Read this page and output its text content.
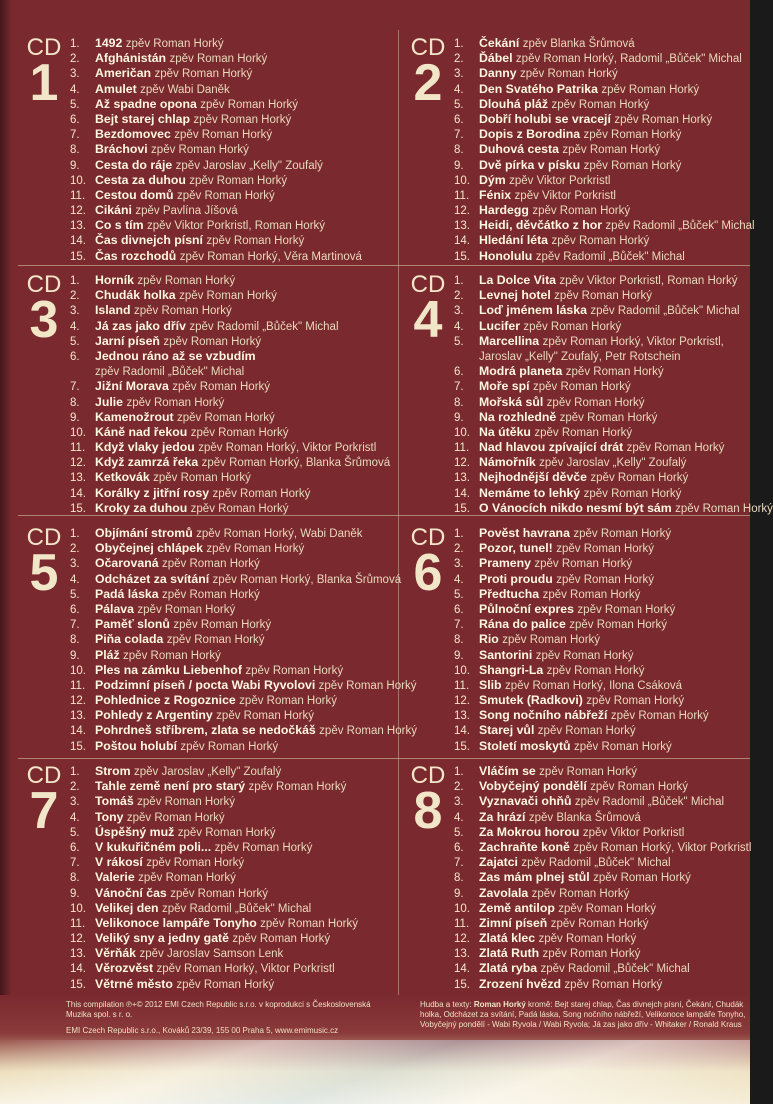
CD
1
1. 1492 zpěv Roman Horký
2. Afghánistán zpěv Roman Horký
3. Američan zpěv Roman Horký
4. Amulet zpěv Wabi Daněk
5. Až spadne opona zpěv Roman Horký
6. Bejt starej chlap zpěv Roman Horký
7. Bezdomovec zpěv Roman Horký
8. Bráchovi zpěv Roman Horký
9. Cesta do ráje zpěv Jaroslav „Kelly" Zoufalý
10. Cesta za duhou zpěv Roman Horký
11. Cestou domů zpěv Roman Horký
12. Cikáni zpěv Pavlína Jíšová
13. Co s tím zpěv Viktor Porkristl, Roman Horký
14. Čas divnejch písní zpěv Roman Horký
15. Čas rozchodů zpěv Roman Horký, Věra Martinová
CD
2
1. Čekání zpěv Blanka Šrůmová
2. Ďábel zpěv Roman Horký, Radomil „Bůček" Michal
3. Danny zpěv Roman Horký
4. Den Svatého Patrika zpěv Roman Horký
5. Dlouhá pláž zpěv Roman Horký
6. Dobří holubi se vracejí zpěv Roman Horký
7. Dopis z Borodina zpěv Roman Horký
8. Duhová cesta zpěv Roman Horký
9. Dvě pírka v písku zpěv Roman Horký
10. Dým zpěv Viktor Porkristl
11. Fénix zpěv Viktor Porkristl
12. Hardegg zpěv Roman Horký
13. Heidi, děvčátko z hor zpěv Radomil „Bůček" Michal
14. Hledání léta zpěv Roman Horký
15. Honolulu zpěv Radomil „Bůček" Michal
CD
3
1. Horník zpěv Roman Horký
2. Chudák holka zpěv Roman Horký
3. Island zpěv Roman Horký
4. Já zas jako dřív zpěv Radomil „Bůček" Michal
5. Jarní píseň zpěv Roman Horký
6. Jednou ráno až se vzbudím
zpěv Radomil „Bůček" Michal
7. Jižní Morava zpěv Roman Horký
8. Julie zpěv Roman Horký
9. Kamenožrout zpěv Roman Horký
10. Káně nad řekou zpěv Roman Horký
11. Když vlaky jedou zpěv Roman Horký, Viktor Porkristl
12. Když zamrzá řeka zpěv Roman Horký, Blanka Šrůmová
13. Ketkovák zpěv Roman Horký
14. Korálky z jitřní rosy zpěv Roman Horký
15. Kroky za duhou zpěv Roman Horký
CD
4
1. La Dolce Vita zpěv Viktor Porkristl, Roman Horký
2. Levnej hotel zpěv Roman Horký
3. Loď jménem láska zpěv Radomil „Bůček" Michal
4. Lucifer zpěv Roman Horký
5. Marcellina zpěv Roman Horký, Viktor Porkristl,
Jaroslav „Kelly" Zoufalý, Petr Rotschein
6. Modrá planeta zpěv Roman Horký
7. Moře spí zpěv Roman Horký
8. Mořská sůl zpěv Roman Horký
9. Na rozhledně zpěv Roman Horký
10. Na útěku zpěv Roman Horký
11. Nad hlavou zpívající drát zpěv Roman Horký
12. Námořník zpěv Jaroslav „Kelly" Zoufalý
13. Nejhodnější děvče zpěv Roman Horký
14. Nemáme to lehký zpěv Roman Horký
15. O Vánocích nikdo nesmí být sám zpěv Roman Horký
CD
5
1. Objímání stromů zpěv Roman Horký, Wabi Daněk
2. Obyčejnej chlápek zpěv Roman Horký
3. Očarovaná zpěv Roman Horký
4. Odcházet za svítání zpěv Roman Horký, Blanka Šrůmová
5. Padá láska zpěv Roman Horký
6. Pálava zpěv Roman Horký
7. Paměť slonů zpěv Roman Horký
8. Piňa colada zpěv Roman Horký
9. Pláž zpěv Roman Horký
10. Ples na zámku Liebenhof zpěv Roman Horký
11. Podzimní píseň / pocta Wabi Ryvolovi zpěv Roman Horký
12. Pohlednice z Rogoznice zpěv Roman Horký
13. Pohledy z Argentiny zpěv Roman Horký
14. Pohrdneš stříbrem, zlata se nedočkáš zpěv Roman Horký
15. Poštou holubí zpěv Roman Horký
CD
6
1. Pověst havrana zpěv Roman Horký
2. Pozor, tunel! zpěv Roman Horký
3. Prameny zpěv Roman Horký
4. Proti proudu zpěv Roman Horký
5. Předtucha zpěv Roman Horký
6. Půlnoční expres zpěv Roman Horký
7. Rána do palice zpěv Roman Horký
8. Rio zpěv Roman Horký
9. Santorini zpěv Roman Horký
10. Shangri-La zpěv Roman Horký
11. Slib zpěv Roman Horký, Ilona Csáková
12. Smutek (Radkovi) zpěv Roman Horký
13. Song nočního nábřeží zpěv Roman Horký
14. Starej vůl zpěv Roman Horký
15. Století moskytů zpěv Roman Horký
CD
7
1. Strom zpěv Jaroslav „Kelly" Zoufalý
2. Tahle země není pro starý zpěv Roman Horký
3. Tomáš zpěv Roman Horký
4. Tony zpěv Roman Horký
5. Úspěšný muž zpěv Roman Horký
6. V kukuřičném poli... zpěv Roman Horký
7. V rákosí zpěv Roman Horký
8. Valerie zpěv Roman Horký
9. Vánoční čas zpěv Roman Horký
10. Velikej den zpěv Radomil „Bůček" Michal
11. Velikonoce lampáře Tonyho zpěv Roman Horký
12. Veliký sny a jedny gatě zpěv Roman Horký
13. Věrňák zpěv Jaroslav Samson Lenk
14. Věrozvěst zpěv Roman Horký, Viktor Porkristl
15. Větrné město zpěv Roman Horký
CD
8
1. Vláčím se zpěv Roman Horký
2. Vobyčejný pondělí zpěv Roman Horký
3. Vyznavači ohňů zpěv Radomil „Bůček" Michal
4. Za hrází zpěv Blanka Šrůmová
5. Za Mokrou horou zpěv Viktor Porkristl
6. Zachraňte koně zpěv Roman Horký, Viktor Porkristl
7. Zajatci zpěv Radomil „Bůček" Michal
8. Zas mám plnej stůl zpěv Roman Horký
9. Zavolala zpěv Roman Horký
10. Země antilop zpěv Roman Horký
11. Zimní píseň zpěv Roman Horký
12. Zlatá klec zpěv Roman Horký
13. Zlatá Ruth zpěv Roman Horký
14. Zlatá ryba zpěv Radomil „Bůček" Michal
15. Zrození hvězd zpěv Roman Horký
This compilation ℗+© 2012 EMI Czech Republic s.r.o. v koprodukci s Československá Muzika spol. s r. o.
EMI Czech Republic s.r.o., Kováků 23/39, 155 00 Praha 5, www.emimusic.cz
Hudba a texty: Roman Horký kromě: Bejt starej chlap, Čas divnejch písní, Čekání, Chudák
holka, Odcházet za svítání, Padá láska, Song nočního nábřeží, Velikonoce lampáře Tonyho,
Vobyčejný pondělí - Wabi Ryvola / Wabi Ryvola; Já zas jako dřív - Whitaker / Ronald Kraus
